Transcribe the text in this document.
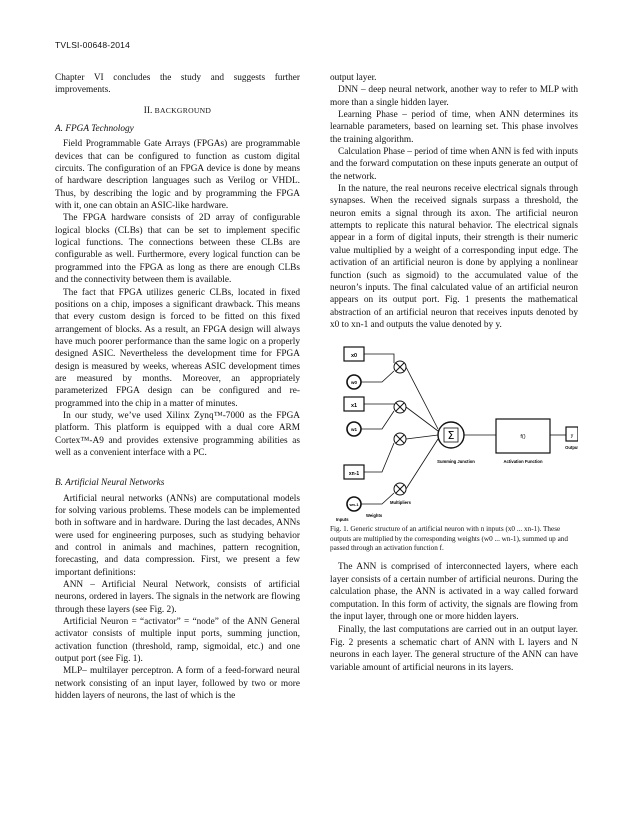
TVLSI-00648-2014

Chapter VI concludes the study and suggests further improvements.

II. BACKGROUND
A. FPGA Technology

Field Programmable Gate Arrays (FPGAs) are programmable devices that can be configured to function as custom digital circuits. The configuration of an FPGA device is done by means of hardware description languages such as Verilog or VHDL. Thus, by describing the logic and by programming the FPGA with it, one can obtain an ASIC-like hardware.

The FPGA hardware consists of 2D array of configurable logical blocks (CLBs) that can be set to implement specific logical functions. The connections between these CLBs are configurable as well. Furthermore, every logical function can be programmed into the FPGA as long as there are enough CLBs and the connectivity between them is available.

The fact that FPGA utilizes generic CLBs, located in fixed positions on a chip, imposes a significant drawback. This means that every custom design is forced to be fitted on this fixed arrangement of blocks. As a result, an FPGA design will always have much poorer performance than the same logic on a properly designed ASIC. Nevertheless the development time for FPGA design is measured by weeks, whereas ASIC development times are measured by months. Moreover, an appropriately parameterized FPGA design can be configured and re-programmed into the chip in a matter of minutes.

In our study, we’ve used Xilinx Zynq™-7000 as the FPGA platform. This platform is equipped with a dual core ARM Cortex™-A9 and provides extensive programming abilities as well as a convenient interface with a PC.

B. Artificial Neural Networks

Artificial neural networks (ANNs) are computational models for solving various problems. These models can be implemented both in software and in hardware. During the last decades, ANNs were used for engineering purposes, such as studying behavior and control in animals and machines, pattern recognition, forecasting, and data compression. First, we present a few important definitions:

ANN – Artificial Neural Network, consists of artificial neurons, ordered in layers. The signals in the network are flowing through these layers (see Fig. 2).

Artificial Neuron = “activator” = “node” of the ANN General activator consists of multiple input ports, summing junction, activation function (threshold, ramp, sigmoidal, etc.) and one output port (see Fig. 1).

MLP– multilayer perceptron. A form of a feed-forward neural network consisting of an input layer, followed by two or more hidden layers of neurons, the last of which is the

output layer.

DNN – deep neural network, another way to refer to MLP with more than a single hidden layer.

Learning Phase – period of time, when ANN determines its learnable parameters, based on learning set. This phase involves the training algorithm.

Calculation Phase – period of time when ANN is fed with inputs and the forward computation on these inputs generate an output of the network.

In the nature, the real neurons receive electrical signals through synapses. When the received signals surpass a threshold, the neuron emits a signal through its axon. The artificial neuron attempts to replicate this natural behavior. The electrical signals appear in a form of digital inputs, their strength is their numeric value multiplied by a weight of a corresponding input edge. The activation of an artificial neuron is done by applying a nonlinear function (such as sigmoid) to the accumulated value of the neuron’s inputs. The final calculated value of an artificial neuron appears on its output port. Fig. 1 presents the mathematical abstraction of an artificial neuron that receives inputs denoted by x0 to xn-1 and outputs the value denoted by y.

x0
w0
x1
w1
xn-1
wn-1
Σ	f()	y
Summing Junction	Activation Function
Output
Weights
Multipliers
Inputs
Fig. 1. Generic structure of an artificial neuron with n inputs (x0 ... xn-1). These outputs are multiplied by the corresponding weights (w0 ... wn-1), summed up and passed through an activation function f.

The ANN is comprised of interconnected layers, where each layer consists of a certain number of artificial neurons. During the calculation phase, the ANN is activated in a way called forward computation. In this form of activity, the signals are flowing from the input layer, through one or more hidden layers.

Finally, the last computations are carried out in an output layer. Fig. 2 presents a schematic chart of ANN with L layers and N neurons in each layer. The general structure of the ANN can have variable amount of artificial neurons in its layers.
